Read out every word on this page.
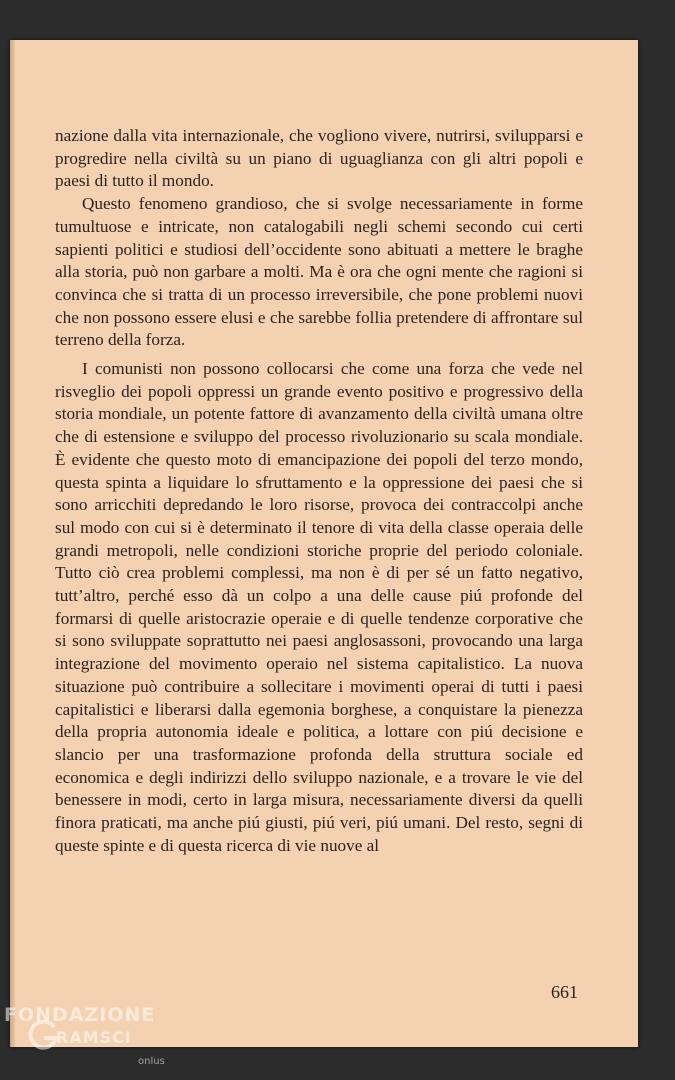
nazione dalla vita internazionale, che vogliono vivere, nutrirsi, svilupparsi e progredire nella civiltà su un piano di uguaglianza con gli altri popoli e paesi di tutto il mondo.

Questo fenomeno grandioso, che si svolge necessariamente in forme tumultuose e intricate, non catalogabili negli schemi secondo cui certi sapienti politici e studiosi dell’occidente sono abituati a mettere le braghe alla storia, può non garbare a molti. Ma è ora che ogni mente che ragioni si convinca che si tratta di un processo irreversibile, che pone problemi nuovi che non possono essere elusi e che sarebbe follia pretendere di affrontare sul terreno della forza.

I comunisti non possono collocarsi che come una forza che vede nel risveglio dei popoli oppressi un grande evento positivo e progressivo della storia mondiale, un potente fattore di avanzamento della civiltà umana oltre che di estensione e sviluppo del processo rivoluzionario su scala mondiale. È evidente che questo moto di emancipazione dei popoli del terzo mondo, questa spinta a liquidare lo sfruttamento e la oppressione dei paesi che si sono arricchiti depredando le loro risorse, provoca dei contraccolpi anche sul modo con cui si è determinato il tenore di vita della classe operaia delle grandi metropoli, nelle condizioni storiche proprie del periodo coloniale. Tutto ciò crea problemi complessi, ma non è di per sé un fatto negativo, tutt’altro, perché esso dà un colpo a una delle cause piú profonde del formarsi di quelle aristocrazie operaie e di quelle tendenze corporative che si sono sviluppate soprattutto nei paesi anglosassoni, provocando una larga integrazione del movimento operaio nel sistema capitalistico. La nuova situazione può contribuire a sollecitare i movimenti operai di tutti i paesi capitalistici e liberarsi dalla egemonia borghese, a conquistare la pienezza della propria autonomia ideale e politica, a lottare con piú decisione e slancio per una trasformazione profonda della struttura sociale ed economica e degli indirizzi dello sviluppo nazionale, e a trovare le vie del benessere in modi, certo in larga misura, necessariamente diversi da quelli finora praticati, ma anche piú giusti, piú veri, piú umani. Del resto, segni di queste spinte e di questa ricerca di vie nuove al

661
FONDAZIONE
RAMSCI
onlus
